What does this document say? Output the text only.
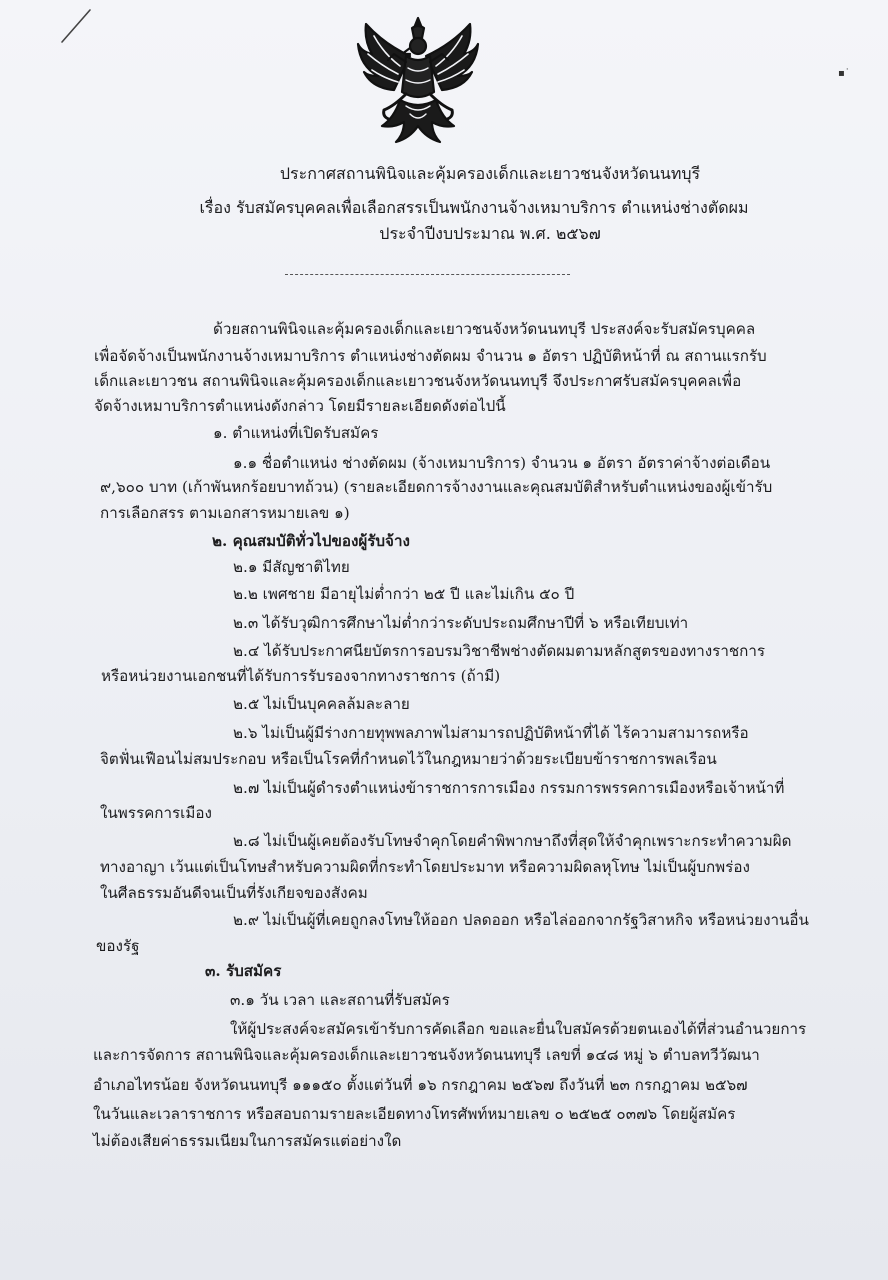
▪︎˙
ประกาศสถานพินิจและคุ้มครองเด็กและเยาวชนจังหวัดนนทบุรี
เรื่อง รับสมัครบุคคลเพื่อเลือกสรรเป็นพนักงานจ้างเหมาบริการ ตำแหน่งช่างตัดผม
ประจำปีงบประมาณ พ.ศ. ๒๕๖๗
ด้วยสถานพินิจและคุ้มครองเด็กและเยาวชนจังหวัดนนทบุรี ประสงค์จะรับสมัครบุคคล
เพื่อจัดจ้างเป็นพนักงานจ้างเหมาบริการ ตำแหน่งช่างตัดผม จำนวน ๑ อัตรา ปฏิบัติหน้าที่ ณ สถานแรกรับ
เด็กและเยาวชน สถานพินิจและคุ้มครองเด็กและเยาวชนจังหวัดนนทบุรี จึงประกาศรับสมัครบุคคลเพื่อ
จัดจ้างเหมาบริการตำแหน่งดังกล่าว โดยมีรายละเอียดดังต่อไปนี้
๑. ตำแหน่งที่เปิดรับสมัคร
๑.๑ ชื่อตำแหน่ง ช่างตัดผม (จ้างเหมาบริการ) จำนวน ๑ อัตรา อัตราค่าจ้างต่อเดือน
๙,๖๐๐ บาท (เก้าพันหกร้อยบาทถ้วน) (รายละเอียดการจ้างงานและคุณสมบัติสำหรับตำแหน่งของผู้เข้ารับ
การเลือกสรร ตามเอกสารหมายเลข ๑)
๒. คุณสมบัติทั่วไปของผู้รับจ้าง
๒.๑ มีสัญชาติไทย
๒.๒ เพศชาย มีอายุไม่ต่ำกว่า ๒๕ ปี และไม่เกิน ๕๐ ปี
๒.๓ ได้รับวุฒิการศึกษาไม่ต่ำกว่าระดับประถมศึกษาปีที่ ๖ หรือเทียบเท่า
๒.๔ ได้รับประกาศนียบัตรการอบรมวิชาชีพช่างตัดผมตามหลักสูตรของทางราชการ
หรือหน่วยงานเอกชนที่ได้รับการรับรองจากทางราชการ (ถ้ามี)
๒.๕ ไม่เป็นบุคคลล้มละลาย
๒.๖ ไม่เป็นผู้มีร่างกายทุพพลภาพไม่สามารถปฏิบัติหน้าที่ได้ ไร้ความสามารถหรือ
จิตฟั่นเฟือนไม่สมประกอบ หรือเป็นโรคที่กำหนดไว้ในกฎหมายว่าด้วยระเบียบข้าราชการพลเรือน
๒.๗ ไม่เป็นผู้ดำรงตำแหน่งข้าราชการการเมือง กรรมการพรรคการเมืองหรือเจ้าหน้าที่
ในพรรคการเมือง
๒.๘ ไม่เป็นผู้เคยต้องรับโทษจำคุกโดยคำพิพากษาถึงที่สุดให้จำคุกเพราะกระทำความผิด
ทางอาญา เว้นแต่เป็นโทษสำหรับความผิดที่กระทำโดยประมาท หรือความผิดลหุโทษ ไม่เป็นผู้บกพร่อง
ในศีลธรรมอันดีจนเป็นที่รังเกียจของสังคม
๒.๙ ไม่เป็นผู้ที่เคยถูกลงโทษให้ออก ปลดออก หรือไล่ออกจากรัฐวิสาหกิจ หรือหน่วยงานอื่น
ของรัฐ
๓. รับสมัคร
๓.๑ วัน เวลา และสถานที่รับสมัคร
ให้ผู้ประสงค์จะสมัครเข้ารับการคัดเลือก ขอและยื่นใบสมัครด้วยตนเองได้ที่ส่วนอำนวยการ
และการจัดการ สถานพินิจและคุ้มครองเด็กและเยาวชนจังหวัดนนทบุรี เลขที่ ๑๔๘ หมู่ ๖ ตำบลทวีวัฒนา
อำเภอไทรน้อย จังหวัดนนทบุรี ๑๑๑๕๐ ตั้งแต่วันที่ ๑๖ กรกฎาคม ๒๕๖๗ ถึงวันที่ ๒๓ กรกฎาคม ๒๕๖๗
ในวันและเวลาราชการ หรือสอบถามรายละเอียดทางโทรศัพท์หมายเลข ๐ ๒๕๒๕ ๐๓๗๖ โดยผู้สมัคร
ไม่ต้องเสียค่าธรรมเนียมในการสมัครแต่อย่างใด
